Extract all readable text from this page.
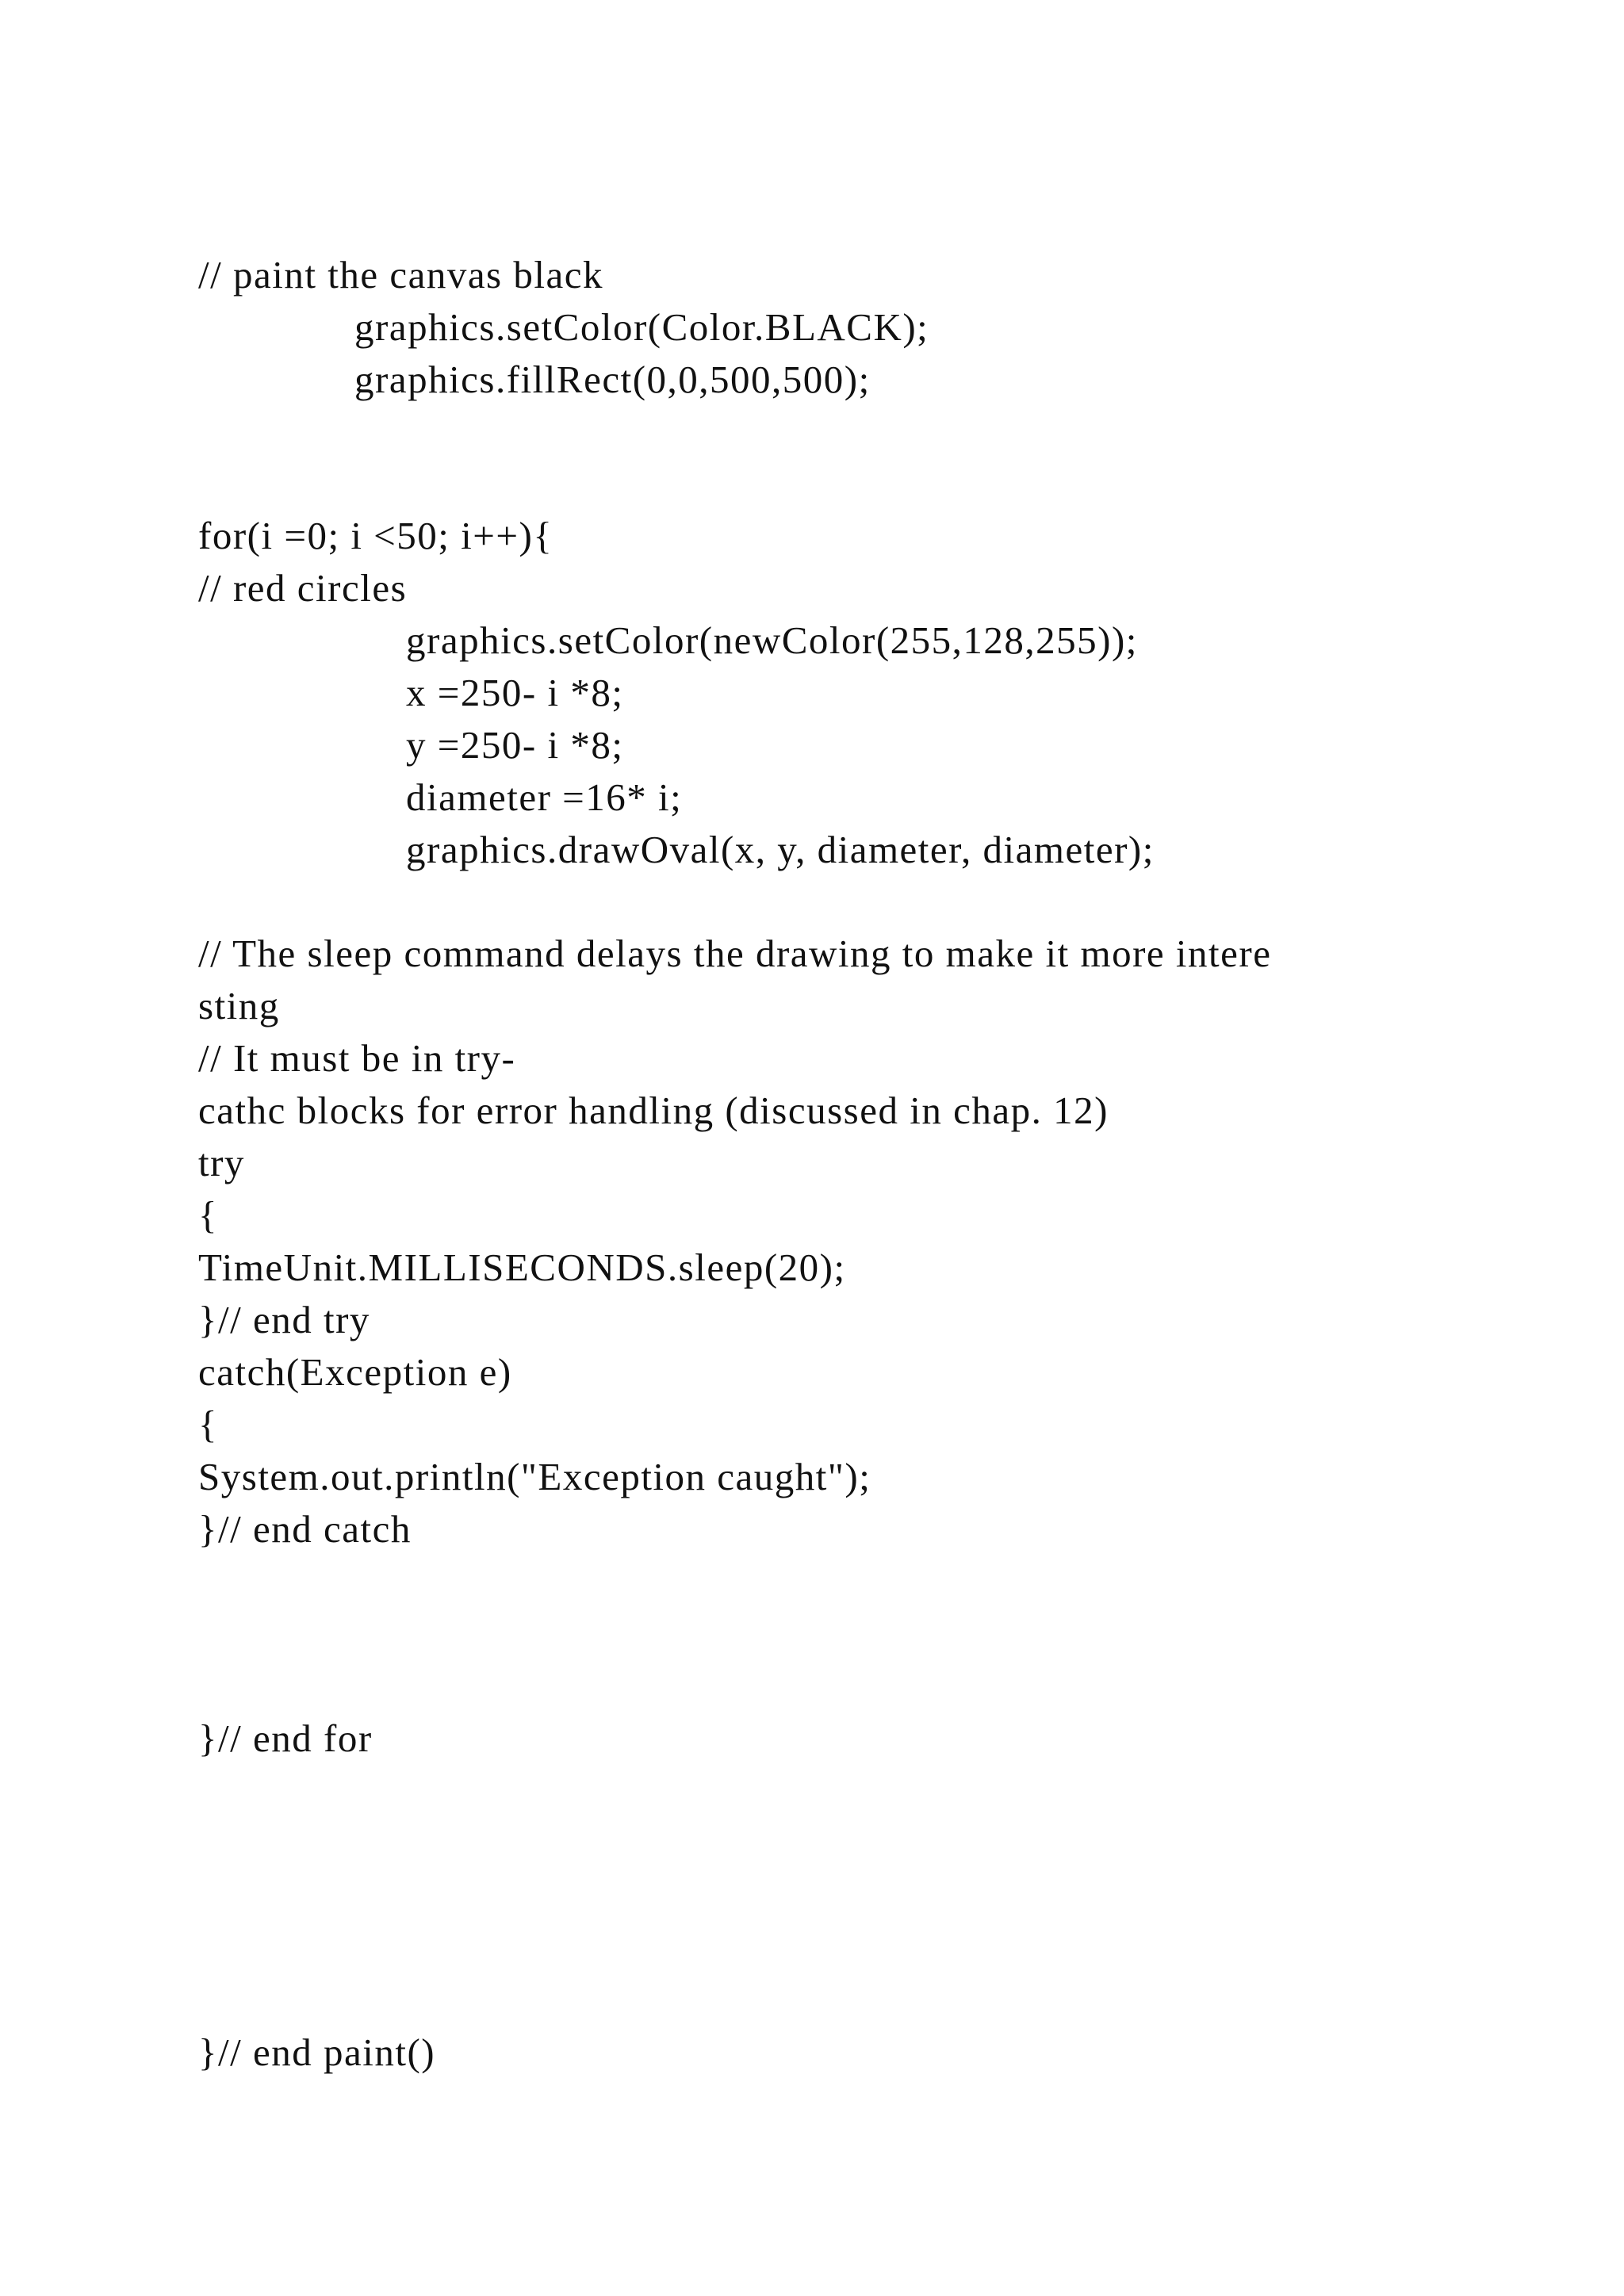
// paint the canvas black
graphics.setColor(Color.BLACK);
graphics.fillRect(0,0,500,500);
for(i =0; i <50; i++){
// red circles
graphics.setColor(newColor(255,128,255));
x =250- i *8;
y =250- i *8;
diameter =16* i;
graphics.drawOval(x, y, diameter, diameter);
// The sleep command delays the drawing to make it more intere
sting
// It must be in try-
cathc blocks for error handling (discussed in chap. 12)
try
{
TimeUnit.MILLISECONDS.sleep(20);
}// end try
catch(Exception e)
{
System.out.println("Exception caught");
}// end catch
}// end for
}// end paint()
